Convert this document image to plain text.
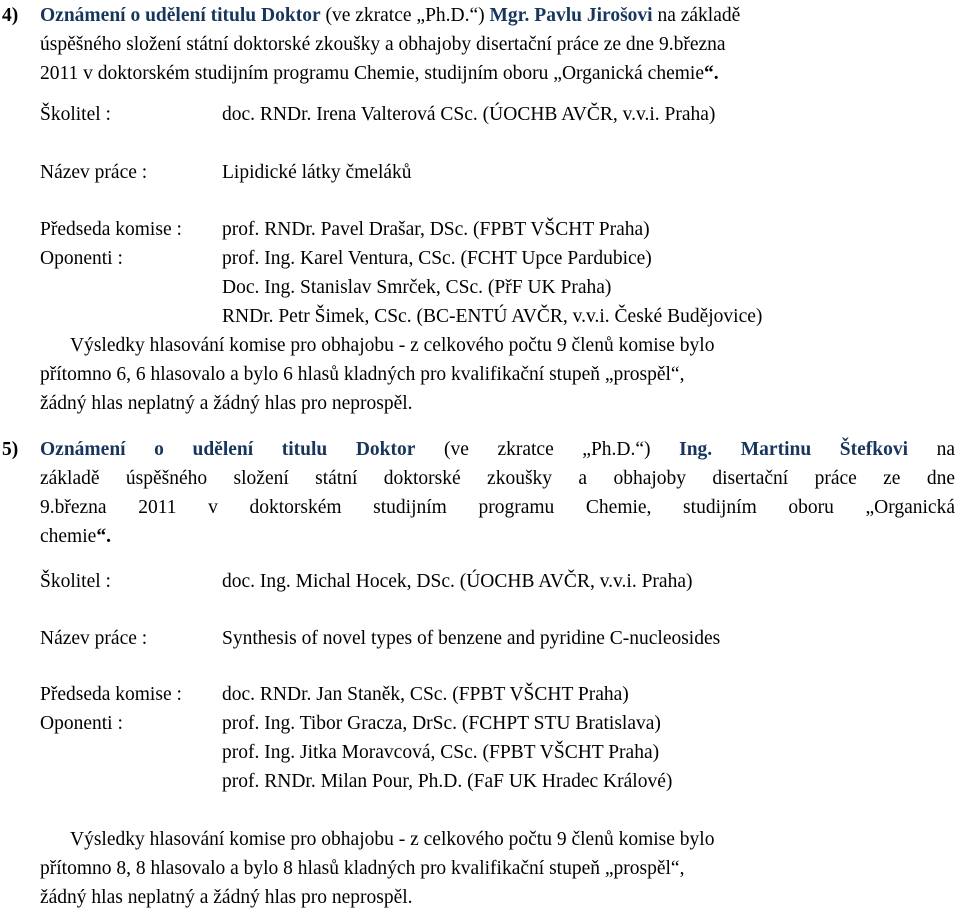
4) Oznámení o udělení titulu Doktor (ve zkratce „Ph.D.“) Mgr. Pavlu Jirošovi na základě
úspěšného složení státní doktorské zkoušky a obhajoby disertační práce ze dne 9.března
2011 v doktorském studijním programu Chemie, studijním oboru „Organická chemie“.
Školitel :	doc. RNDr. Irena Valterová CSc. (ÚOCHB AVČR, v.v.i. Praha)
Název práce :	Lipidické látky čmeláků
Předseda komise : prof. RNDr. Pavel Drašar, DSc. (FPBT VŠCHT Praha)
Oponenti :	prof. Ing. Karel Ventura, CSc. (FCHT Upce Pardubice)
Doc. Ing. Stanislav Smrček, CSc. (PřF UK Praha)
RNDr. Petr Šimek, CSc. (BC-ENTÚ AVČR, v.v.i. České Budějovice)
Výsledky hlasování komise pro obhajobu - z celkového počtu 9 členů komise bylo
přítomno 6, 6 hlasovalo a bylo 6 hlasů kladných pro kvalifikační stupeň „prospěl“,
žádný hlas neplatný a žádný hlas pro neprospěl.
5) Oznámení o udělení titulu Doktor (ve zkratce „Ph.D.“) Ing. Martinu Štefkovi na
základě úspěšného složení státní doktorské zkoušky a obhajoby disertační práce ze dne
9.března 2011 v doktorském studijním programu Chemie, studijním oboru „Organická
chemie“.
Školitel :	doc. Ing. Michal Hocek, DSc. (ÚOCHB AVČR, v.v.i. Praha)
Název práce :	Synthesis of novel types of benzene and pyridine C-nucleosides
Předseda komise : doc. RNDr. Jan Staněk, CSc. (FPBT VŠCHT Praha)
Oponenti :	prof. Ing. Tibor Gracza, DrSc. (FCHPT STU Bratislava)
prof. Ing. Jitka Moravcová, CSc. (FPBT VŠCHT Praha)
prof. RNDr. Milan Pour, Ph.D. (FaF UK Hradec Králové)
Výsledky hlasování komise pro obhajobu - z celkového počtu 9 členů komise bylo
přítomno 8, 8 hlasovalo a bylo 8 hlasů kladných pro kvalifikační stupeň „prospěl“,
žádný hlas neplatný a žádný hlas pro neprospěl.
